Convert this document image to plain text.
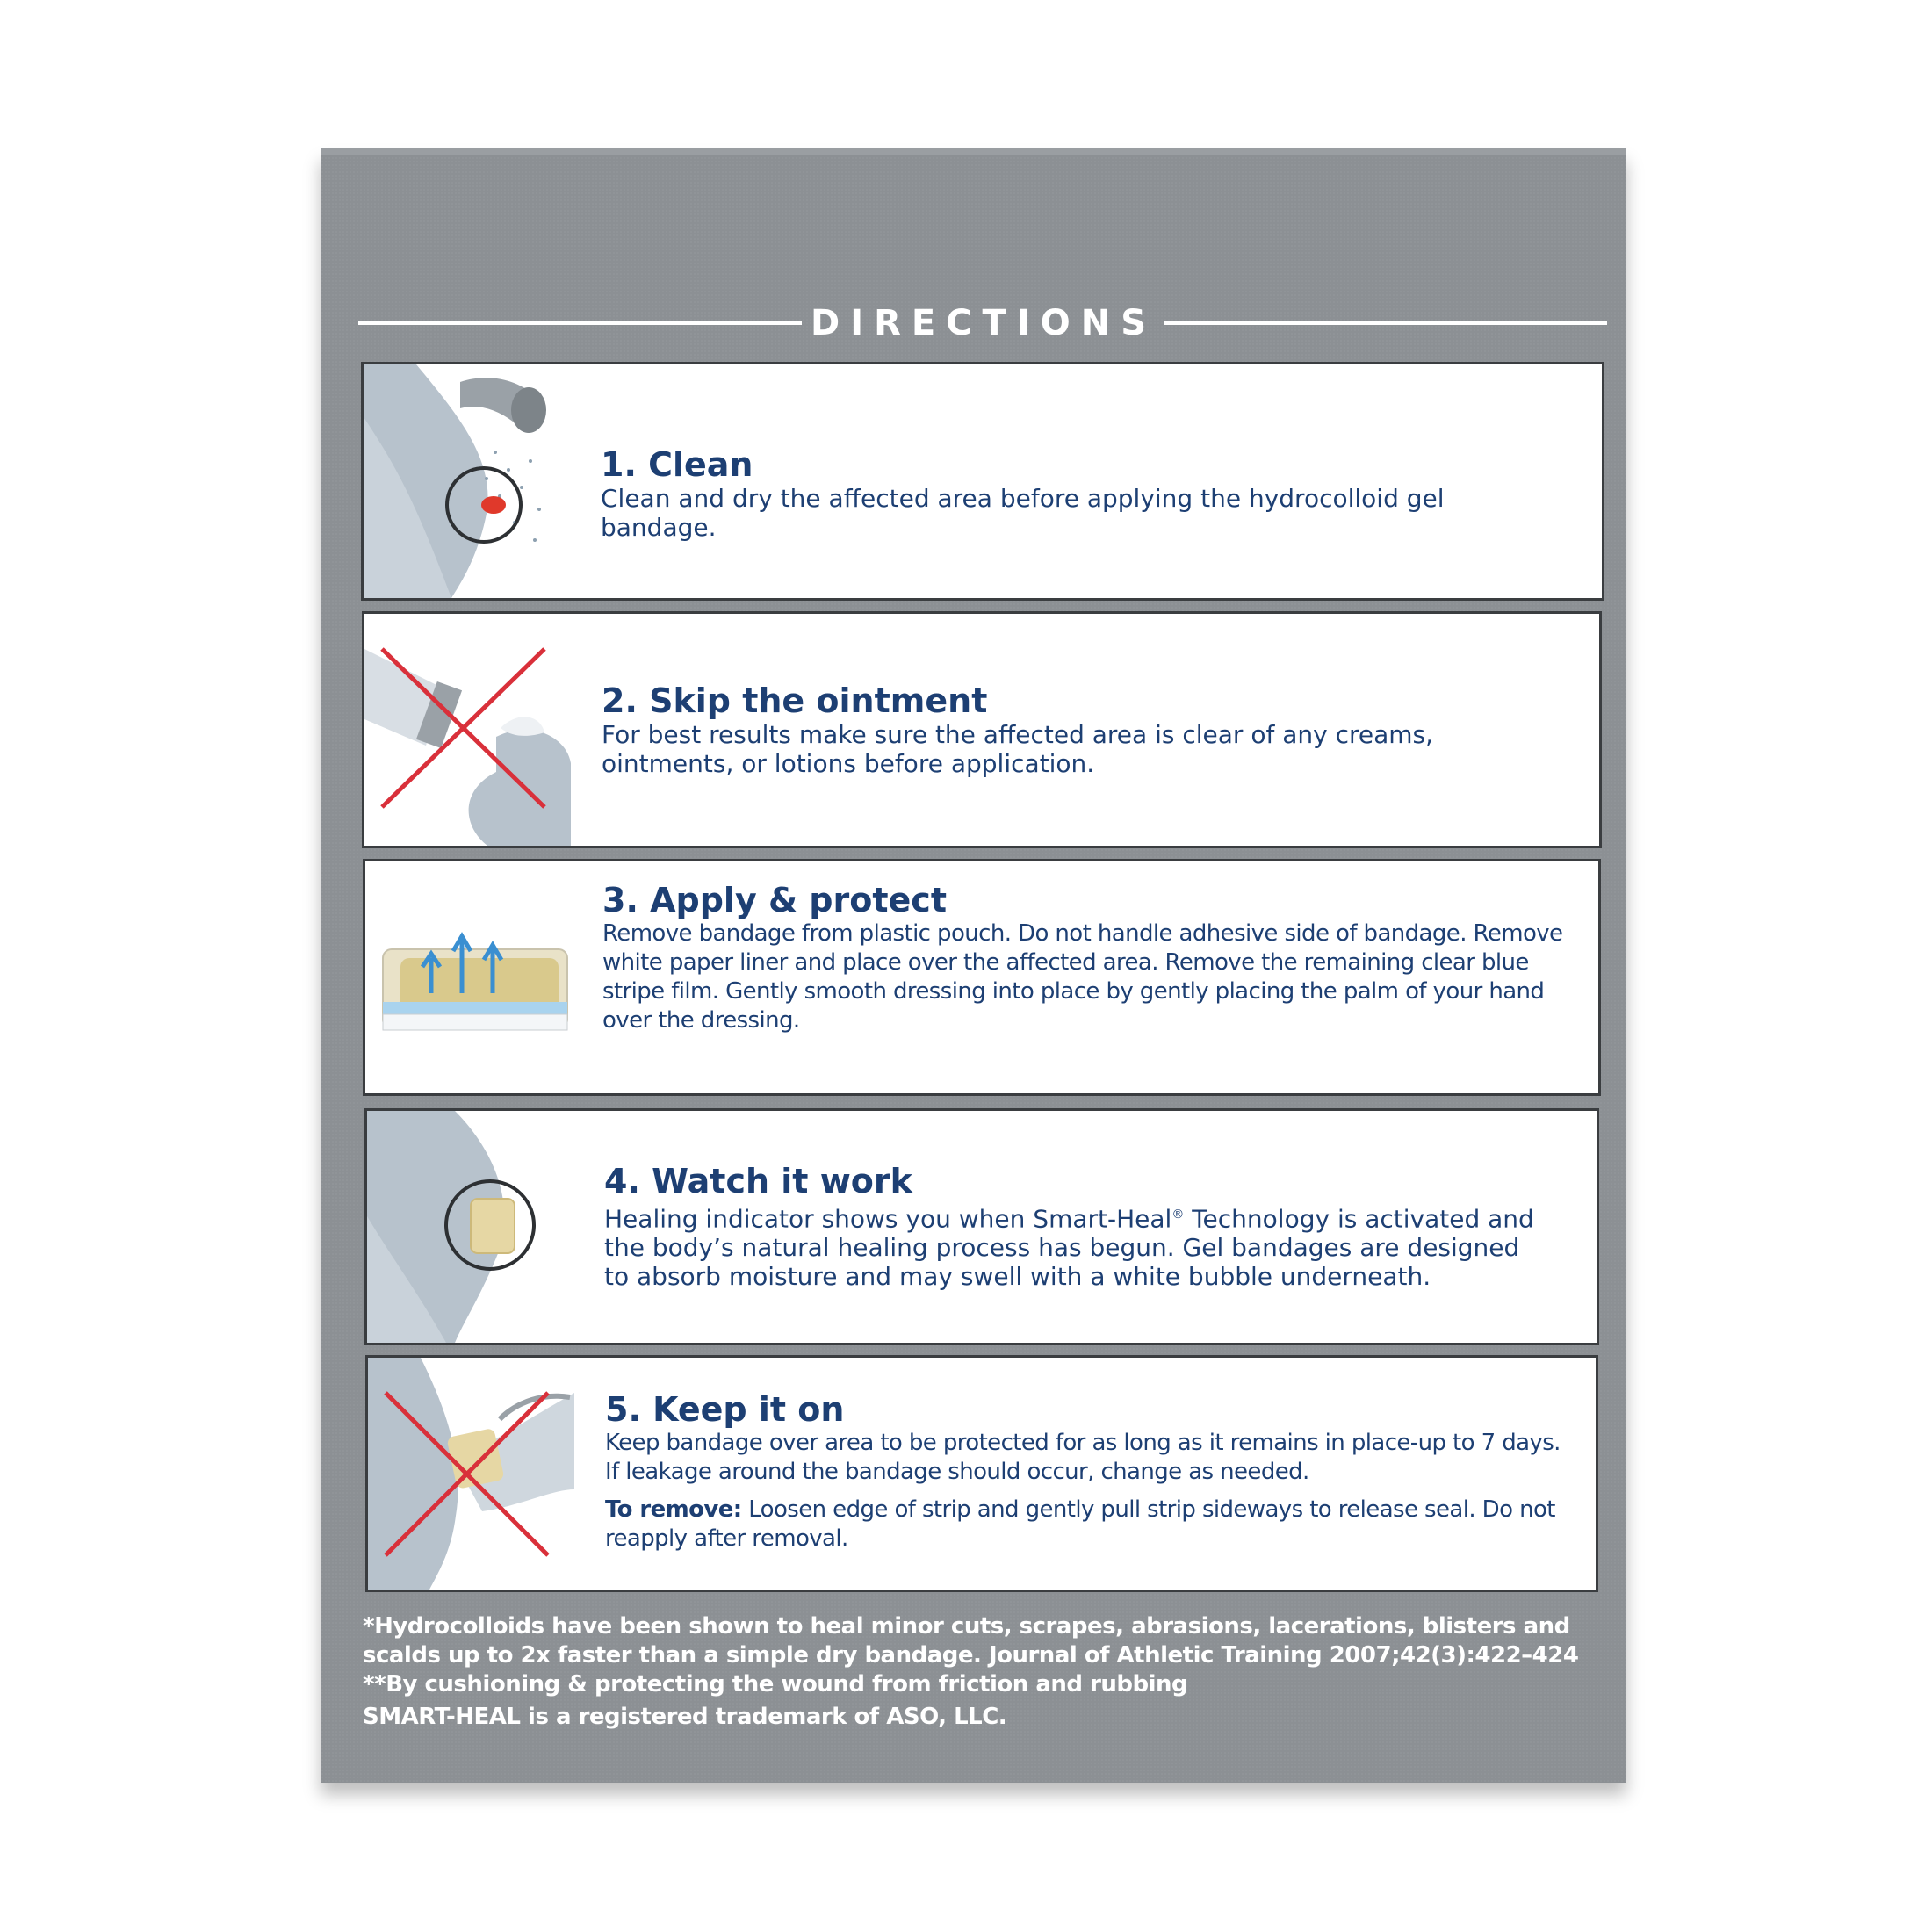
DIRECTIONS
1. Clean
Clean and dry the affected area before applying the hydrocolloid gel bandage.
2. Skip the ointment
For best results make sure the affected area is clear of any creams, ointments, or lotions before application.
3. Apply & protect
Remove bandage from plastic pouch. Do not handle adhesive side of bandage. Remove white paper liner and place over the affected area. Remove the remaining clear blue stripe film. Gently smooth dressing into place by gently placing the palm of your hand over the dressing.
4. Watch it work
Healing indicator shows you when Smart-Heal® Technology is activated and the body’s natural healing process has begun. Gel bandages are designed to absorb moisture and may swell with a white bubble underneath.
5. Keep it on
Keep bandage over area to be protected for as long as it remains in place-up to 7 days. If leakage around the bandage should occur, change as needed.
To remove: Loosen edge of strip and gently pull strip sideways to release seal. Do not reapply after removal.
*Hydrocolloids have been shown to heal minor cuts, scrapes, abrasions, lacerations, blisters and scalds up to 2x faster than a simple dry bandage. Journal of Athletic Training 2007;42(3):422–424
**By cushioning & protecting the wound from friction and rubbing
SMART-HEAL is a registered trademark of ASO, LLC.
